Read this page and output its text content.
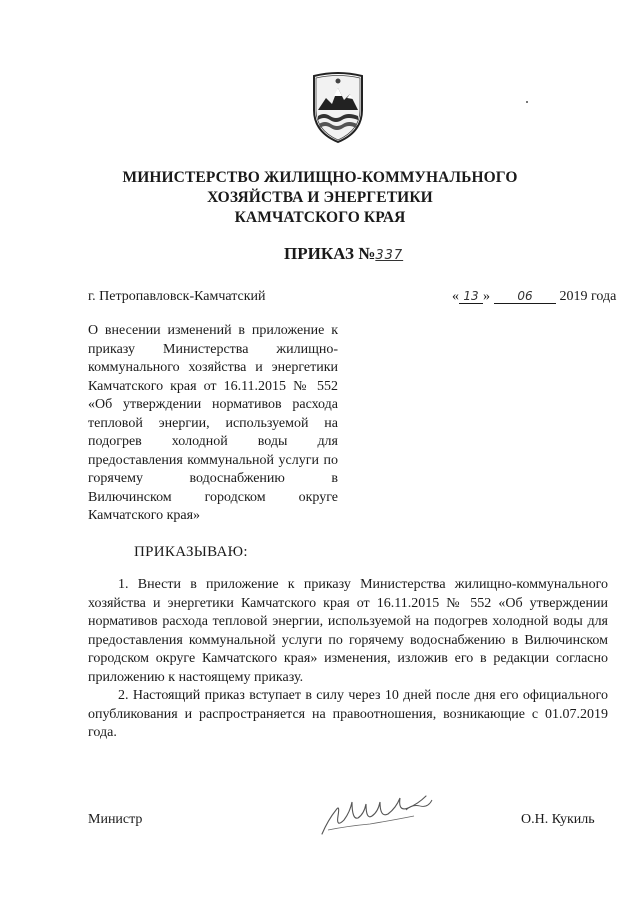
МИНИСТЕРСТВО ЖИЛИЩНО-КОММУНАЛЬНОГО
ХОЗЯЙСТВА И ЭНЕРГЕТИКИ
КАМЧАТСКОГО КРАЯ
ПРИКАЗ №337
г. Петропавловск-Камчатский	« 13 » 06 2019 года
О внесении изменений в приложение к приказу Министерства жилищно-коммунального хозяйства и энергетики Камчатского края от 16.11.2015 № 552 «Об утверждении нормативов расхода тепловой энергии, используемой на подогрев холодной воды для предоставления коммунальной услуги по горячему водоснабжению в Вилючинском городском округе Камчатского края»
ПРИКАЗЫВАЮ:

1. Внести в приложение к приказу Министерства жилищно-коммунального хозяйства и энергетики Камчатского края от 16.11.2015 № 552 «Об утверждении нормативов расхода тепловой энергии, используемой на подогрев холодной воды для предоставления коммунальной услуги по горячему водоснабжению в Вилючинском городском округе Камчатского края» изменения, изложив его в редакции согласно приложению к настоящему приказу.

2. Настоящий приказ вступает в силу через 10 дней после дня его официального опубликования и распространяется на правоотношения, возникающие с 01.07.2019 года.

Министр	О.Н. Кукиль
